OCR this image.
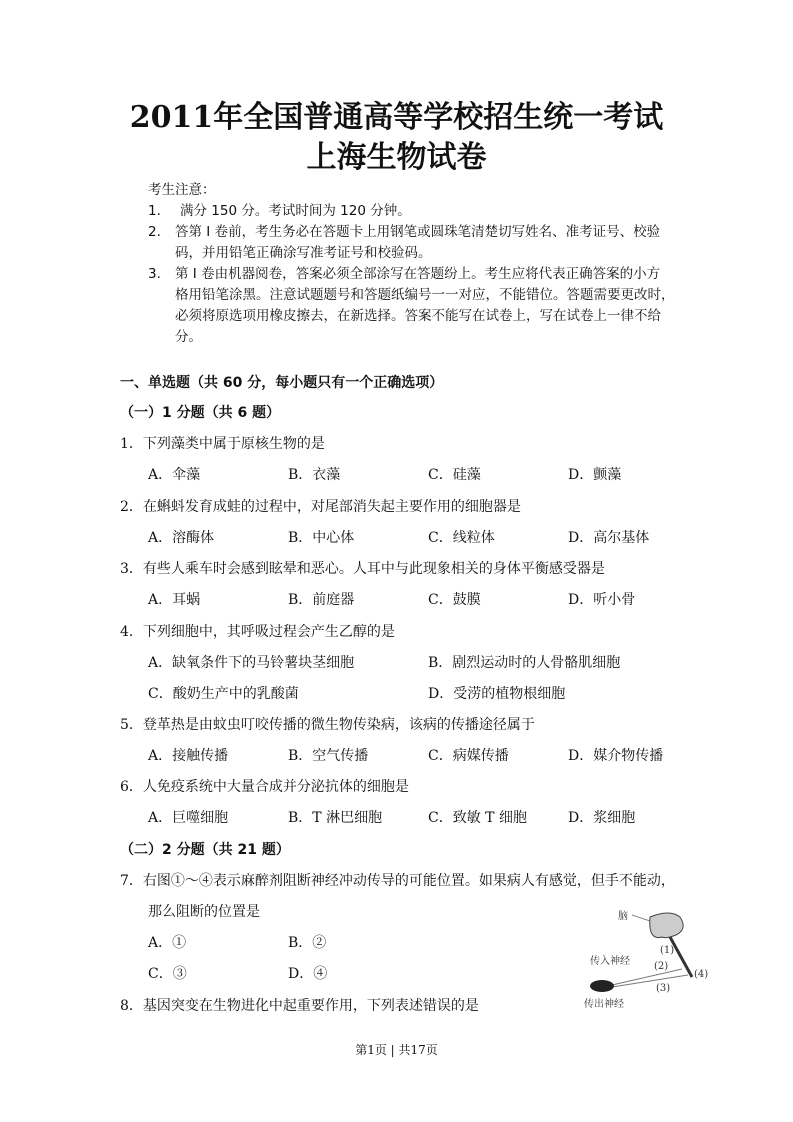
2011年全国普通高等学校招生统一考试
上海生物试卷
考生注意：
1. 满分 150 分。考试时间为 120 分钟。
2. 答第 I 卷前，考生务必在答题卡上用钢笔或圆珠笔清楚切写姓名、准考证号、校验
码，并用铅笔正确涂写准考证号和校验码。
3. 第 I 卷由机器阅卷，答案必须全部涂写在答题纷上。考生应将代表正确答案的小方
格用铅笔涂黑。注意试题题号和答题纸编号一一对应，不能错位。答题需要更改时，
必须将原选项用橡皮擦去，在新选择。答案不能写在试卷上，写在试卷上一律不给
分。
一、单选题（共 60 分，每小题只有一个正确选项）
（一）1 分题（共 6 题）
（二）2 分题（共 21 题）
1．下列藻类中属于原核生物的是
A．伞藻	B．衣藻	C．硅藻	D．颤藻
2．在蝌蚪发育成蛙的过程中，对尾部消失起主要作用的细胞器是
A．溶酶体	B．中心体	C．线粒体	D．高尔基体
3．有些人乘车时会感到眩晕和恶心。人耳中与此现象相关的身体平衡感受器是
A．耳蜗	B．前庭器	C．鼓膜	D．听小骨
4．下列细胞中，其呼吸过程会产生乙醇的是
A．缺氧条件下的马铃薯块茎细胞	B．剧烈运动时的人骨骼肌细胞
C．酸奶生产中的乳酸菌	D．受涝的植物根细胞
5．登革热是由蚊虫叮咬传播的微生物传染病，该病的传播途径属于
A．接触传播	B．空气传播	C．病媒传播	D．媒介物传播
6．人免疫系统中大量合成并分泌抗体的细胞是
A．巨噬细胞	B．T 淋巴细胞	C．致敏 T 细胞	D．浆细胞
7．右图①～④表示麻醉剂阻断神经冲动传导的可能位置。如果病人有感觉，但手不能动，
那么阻断的位置是
A．①	B．②
C．③	D．④
8．基因突变在生物进化中起重要作用，下列表述错误的是
脑
(1)
(2)
(3)
(4)
传入神经
传出神经
第1页 | 共17页
